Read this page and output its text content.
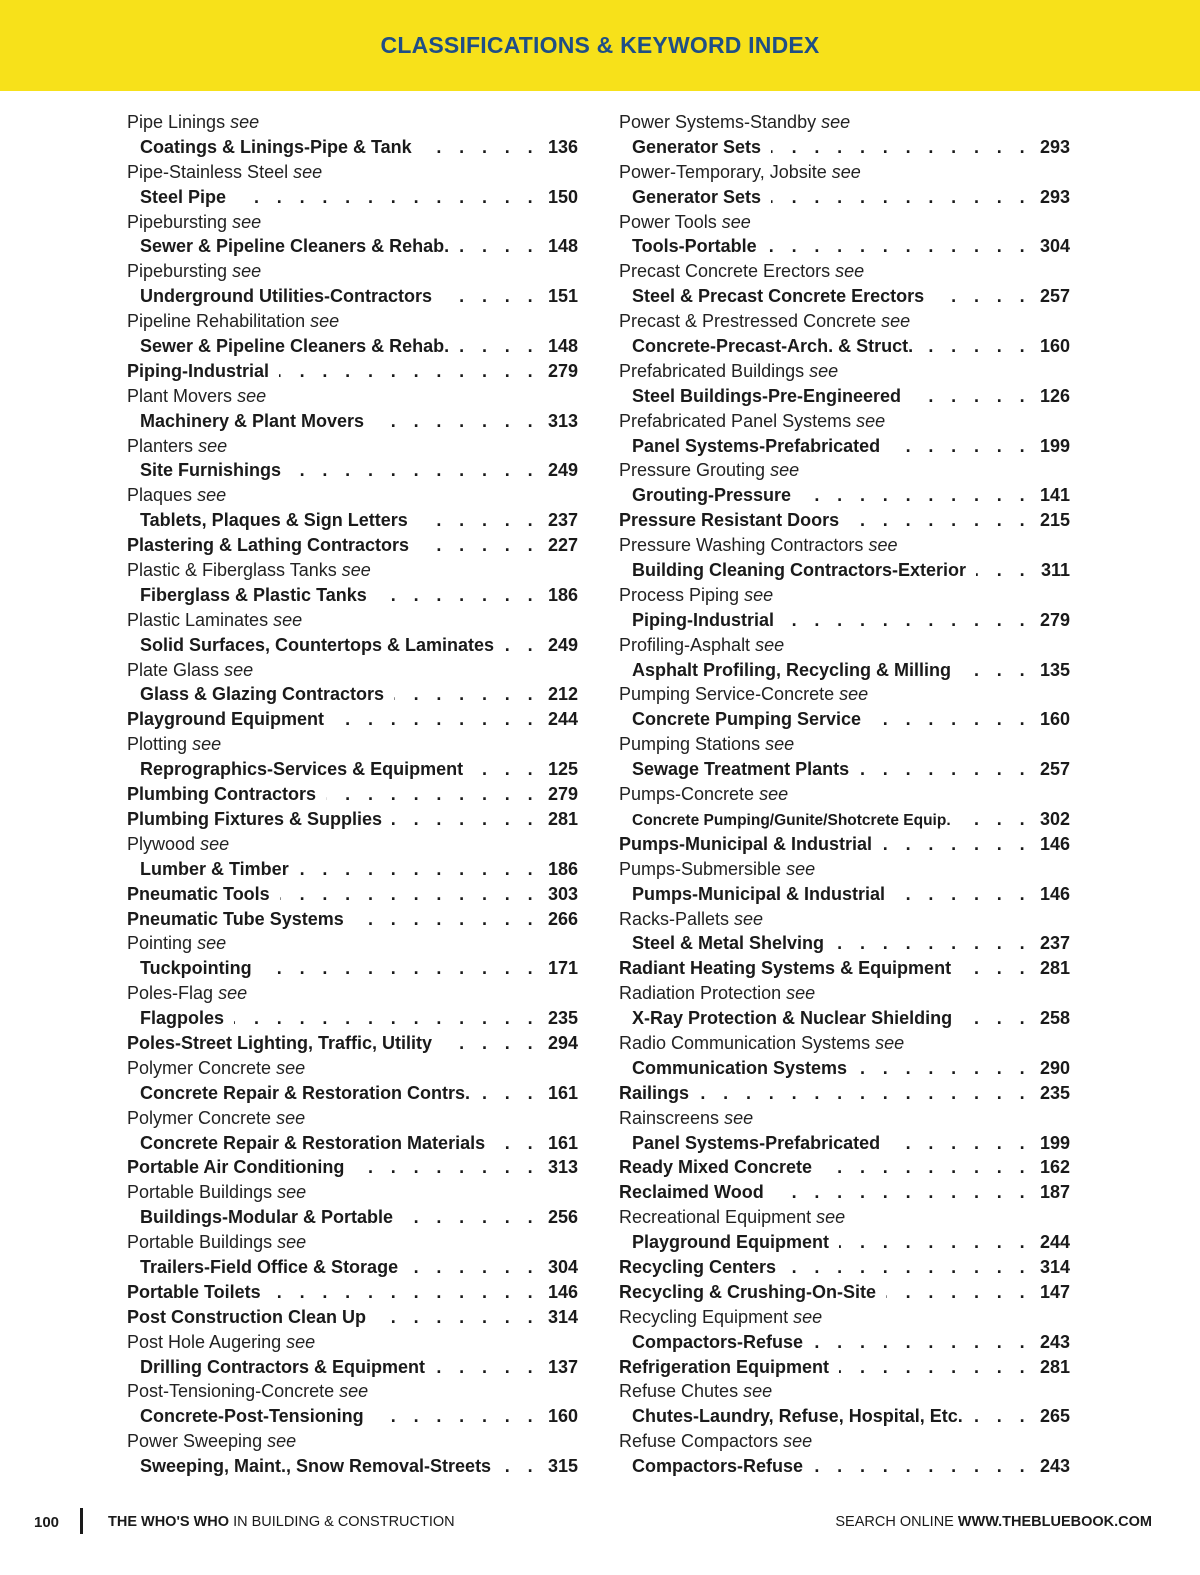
CLASSIFICATIONS & KEYWORD INDEX
Pipe Linings see
Coatings & Linings-Pipe & Tank . . .	136
Pipe-Stainless Steel see
Steel Pipe . . .	150
Pipebursting see
Sewer & Pipeline Cleaners & Rehab. . . .	148
Pipebursting see
Underground Utilities-Contractors . . .	151
Pipeline Rehabilitation see
Sewer & Pipeline Cleaners & Rehab. . . .	148
Piping-Industrial . . .	279
Plant Movers see
Machinery & Plant Movers . . .	313
Planters see
Site Furnishings . . .	249
Plaques see
Tablets, Plaques & Sign Letters . . .	237
Plastering & Lathing Contractors . . .	227
Plastic & Fiberglass Tanks see
Fiberglass & Plastic Tanks . . .	186
Plastic Laminates see
Solid Surfaces, Countertops & Laminates . . .	249
Plate Glass see
Glass & Glazing Contractors . . .	212
Playground Equipment . . .	244
Plotting see
Reprographics-Services & Equipment . . .	125
Plumbing Contractors . . .	279
Plumbing Fixtures & Supplies . . .	281
Plywood see
Lumber & Timber . . .	186
Pneumatic Tools . . .	303
Pneumatic Tube Systems . . .	266
Pointing see
Tuckpointing . . .	171
Poles-Flag see
Flagpoles . . .	235
Poles-Street Lighting, Traffic, Utility . . .	294
Polymer Concrete see
Concrete Repair & Restoration Contrs. . . .	161
Polymer Concrete see
Concrete Repair & Restoration Materials . . .	161
Portable Air Conditioning . . .	313
Portable Buildings see
Buildings-Modular & Portable . . .	256
Portable Buildings see
Trailers-Field Office & Storage . . .	304
Portable Toilets . . .	146
Post Construction Clean Up . . .	314
Post Hole Augering see
Drilling Contractors & Equipment . . .	137
Post-Tensioning-Concrete see
Concrete-Post-Tensioning . . .	160
Power Sweeping see
Sweeping, Maint., Snow Removal-Streets . . .	315
Power Systems-Standby see
Generator Sets . . .	293
Power-Temporary, Jobsite see
Generator Sets . . .	293
Power Tools see
Tools-Portable . . .	304
Precast Concrete Erectors see
Steel & Precast Concrete Erectors . . .	257
Precast & Prestressed Concrete see
Concrete-Precast-Arch. & Struct. . . .	160
Prefabricated Buildings see
Steel Buildings-Pre-Engineered . . .	126
Prefabricated Panel Systems see
Panel Systems-Prefabricated . . .	199
Pressure Grouting see
Grouting-Pressure . . .	141
Pressure Resistant Doors . . .	215
Pressure Washing Contractors see
Building Cleaning Contractors-Exterior . . .	311
Process Piping see
Piping-Industrial . . .	279
Profiling-Asphalt see
Asphalt Profiling, Recycling & Milling . . .	135
Pumping Service-Concrete see
Concrete Pumping Service . . .	160
Pumping Stations see
Sewage Treatment Plants . . .	257
Pumps-Concrete see
Concrete Pumping/Gunite/Shotcrete Equip. . . .	302
Pumps-Municipal & Industrial . . .	146
Pumps-Submersible see
Pumps-Municipal & Industrial . . .	146
Racks-Pallets see
Steel & Metal Shelving . . .	237
Radiant Heating Systems & Equipment . . .	281
Radiation Protection see
X-Ray Protection & Nuclear Shielding . . .	258
Radio Communication Systems see
Communication Systems . . .	290
Railings . . .	235
Rainscreens see
Panel Systems-Prefabricated . . .	199
Ready Mixed Concrete . . .	162
Reclaimed Wood . . .	187
Recreational Equipment see
Playground Equipment . . .	244
Recycling Centers . . .	314
Recycling & Crushing-On-Site . . .	147
Recycling Equipment see
Compactors-Refuse . . .	243
Refrigeration Equipment . . .	281
Refuse Chutes see
Chutes-Laundry, Refuse, Hospital, Etc. . . .	265
Refuse Compactors see
Compactors-Refuse . . .	243
100	THE WHO'S WHO IN BUILDING & CONSTRUCTION	SEARCH ONLINE WWW.THEBLUEBOOK.COM
